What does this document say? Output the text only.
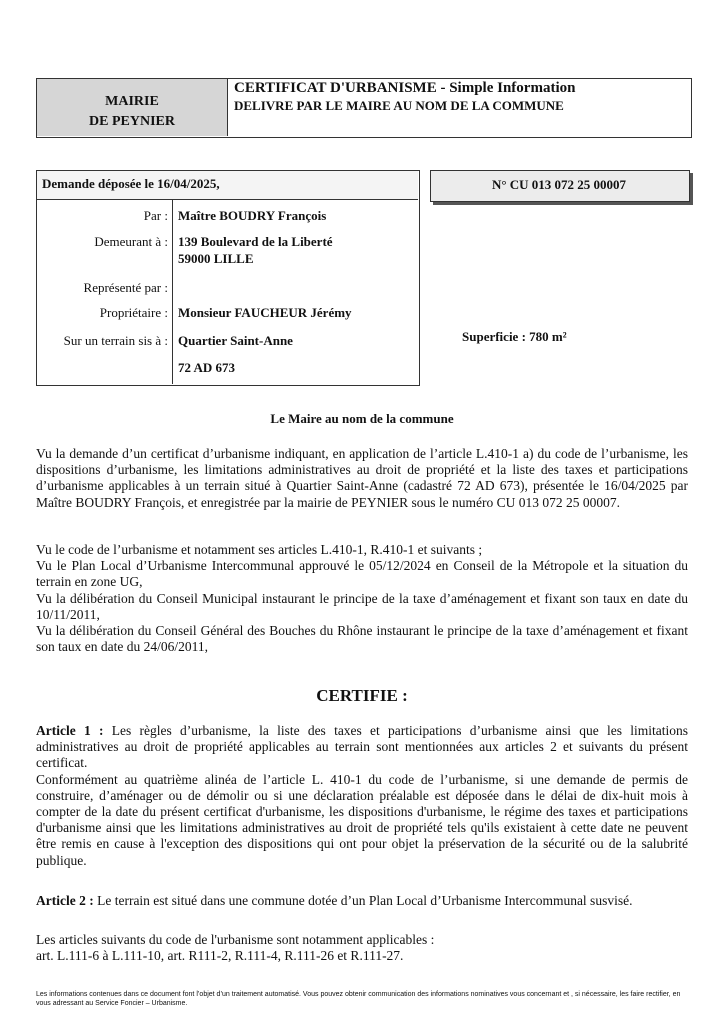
MAIRIE
DE PEYNIER
CERTIFICAT D'URBANISME - Simple Information
DELIVRE PAR LE MAIRE AU NOM DE LA COMMUNE
Demande déposée le 16/04/2025,
Par : Maître BOUDRY François
Demeurant à : 139 Boulevard de la Liberté
59000 LILLE
Représenté par :
Propriétaire : Monsieur FAUCHEUR Jérémy
Sur un terrain sis à : Quartier Saint-Anne
72 AD 673
N° CU 013 072 25 00007
Superficie : 780 m²
Le Maire au nom de la commune
Vu la demande d’un certificat d’urbanisme indiquant, en application de l’article L.410-1 a) du code de l’urbanisme, les dispositions d’urbanisme, les limitations administratives au droit de propriété et la liste des taxes et participations d’urbanisme applicables à un terrain situé à Quartier Saint-Anne (cadastré 72 AD 673), présentée le 16/04/2025 par Maître BOUDRY François, et enregistrée par la mairie de PEYNIER sous le numéro CU 013 072 25 00007.
Vu le code de l’urbanisme et notamment ses articles L.410-1, R.410-1 et suivants ;
Vu le Plan Local d’Urbanisme Intercommunal approuvé le 05/12/2024 en Conseil de la Métropole et la situation du terrain en zone UG,
Vu la délibération du Conseil Municipal instaurant le principe de la taxe d’aménagement et fixant son taux en date du 10/11/2011,
Vu la délibération du Conseil Général des Bouches du Rhône instaurant le principe de la taxe d’aménagement et fixant son taux en date du 24/06/2011,
CERTIFIE :
Article 1 : Les règles d’urbanisme, la liste des taxes et participations d’urbanisme ainsi que les limitations administratives au droit de propriété applicables au terrain sont mentionnées aux articles 2 et suivants du présent certificat.
Conformément au quatrième alinéa de l’article L. 410-1 du code de l’urbanisme, si une demande de permis de construire, d’aménager ou de démolir ou si une déclaration préalable est déposée dans le délai de dix-huit mois à compter de la date du présent certificat d'urbanisme, les dispositions d'urbanisme, le régime des taxes et participations d'urbanisme ainsi que les limitations administratives au droit de propriété tels qu'ils existaient à cette date ne peuvent être remis en cause à l'exception des dispositions qui ont pour objet la préservation de la sécurité ou de la salubrité publique.
Article 2 : Le terrain est situé dans une commune dotée d’un Plan Local d’Urbanisme Intercommunal susvisé.
Les articles suivants du code de l'urbanisme sont notamment applicables :
art. L.111-6 à L.111-10, art. R111-2, R.111-4, R.111-26 et R.111-27.
Les informations contenues dans ce document font l’objet d’un traitement automatisé. Vous pouvez obtenir communication des informations nominatives vous concernant et , si nécessaire, les faire rectifier, en vous adressant au Service Foncier – Urbanisme.
